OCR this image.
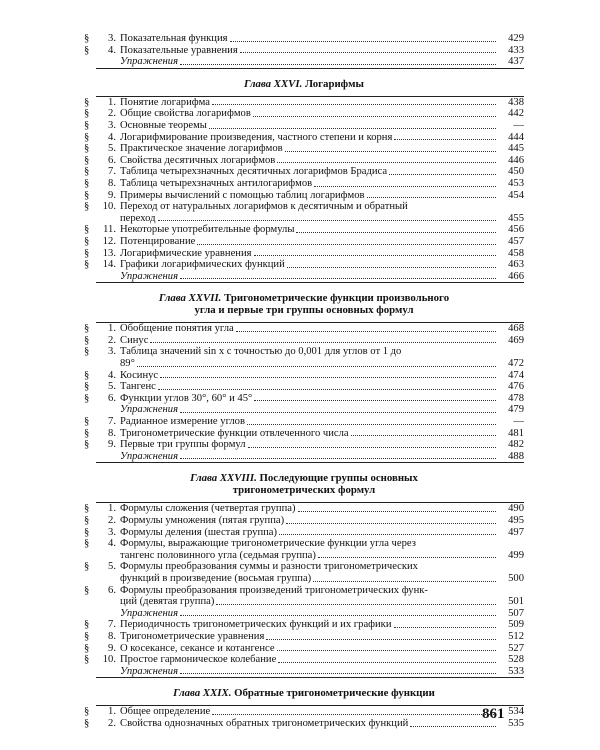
§	3. Показательная функция	429
§	4. Показательные уравнения	433
Упражнения	437
Глава XXVI. Логарифмы
§	1. Понятие логарифма	438
§	2. Общие свойства логарифмов	442
§	3. Основные теоремы	—
§	4. Логарифмирование произведения, частного степени и корня	444
§	5. Практическое значение логарифмов	445
§	6. Свойства десятичных логарифмов	446
§	7. Таблица четырехзначных десятичных логарифмов Брадиса	450
§	8. Таблица четырехзначных антилогарифмов	453
§	9. Примеры вычислений с помощью таблиц логарифмов	454
§	10. Переход от натуральных логарифмов к десятичным и обратный
переход	455
§	11. Некоторые употребительные формулы	456
§	12. Потенцирование	457
§	13. Логарифмические уравнения	458
§	14. Графики логарифмических функций	463
Упражнения	466
Глава XXVII. Тригонометрические функции произвольного
угла и первые три группы основных формул
§	1. Обобщение понятия угла	468
§	2. Синус	469
§	3. Таблица значений sin x с точностью до 0,001 для углов от 1 до
89°	472
§	4. Косинус	474
§	5. Тангенс	476
§	6. Функции углов 30°, 60° и 45°	478
Упражнения	479
§	7. Радианное измерение углов	—
§	8. Тригонометрические функции отвлеченного числа	481
§	9. Первые три группы формул	482
Упражнения	488
Глава XXVIII. Последующие группы основных
тригонометрических формул
§	1. Формулы сложения (четвертая группа)	490
§	2. Формулы умножения (пятая группа)	495
§	3. Формулы деления (шестая группа)	497
§	4. Формулы, выражающие тригонометрические функции угла через
тангенс половинного угла (седьмая группа)	499
§	5. Формулы преобразования суммы и разности тригонометрических
функций в произведение (восьмая группа)	500
§	6. Формулы преобразования произведений тригонометрических функ-
ций (девятая группа)	501
Упражнения	507
§	7. Периодичность тригонометрических функций и их графики	509
§	8. Тригонометрические уравнения	512
§	9. О косекансе, секансе и котангенсе	527
§	10. Простое гармоническое колебание	528
Упражнения	533
Глава XXIX. Обратные тригонометрические функции
§	1. Общее определение	534
§	2. Свойства однозначных обратных тригонометрических функций	535
861
